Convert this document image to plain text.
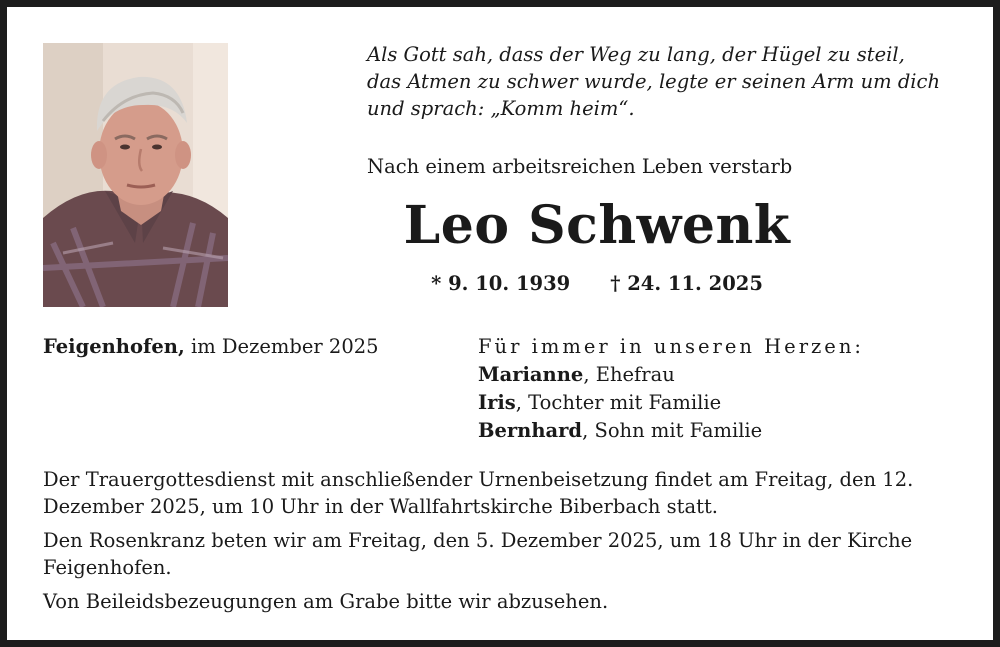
Als Gott sah, dass der Weg zu lang, der Hügel zu steil,
das Atmen zu schwer wurde, legte er seinen Arm um dich
und sprach: „Komm heim“.
Nach einem arbeitsreichen Leben verstarb
Leo Schwenk
* 9. 10. 1939 † 24. 11. 2025
Feigenhofen, im Dezember 2025	Für immer in unseren Herzen:
Marianne, Ehefrau
Iris, Tochter mit Familie
Bernhard, Sohn mit Familie

Der Trauergottesdienst mit anschließender Urnenbeisetzung findet am Freitag, den 12. Dezember 2025, um 10 Uhr in der Wallfahrtskirche Biberbach statt.

Den Rosenkranz beten wir am Freitag, den 5. Dezember 2025, um 18 Uhr in der Kirche Feigenhofen.

Von Beileidsbezeugungen am Grabe bitte wir abzusehen.
